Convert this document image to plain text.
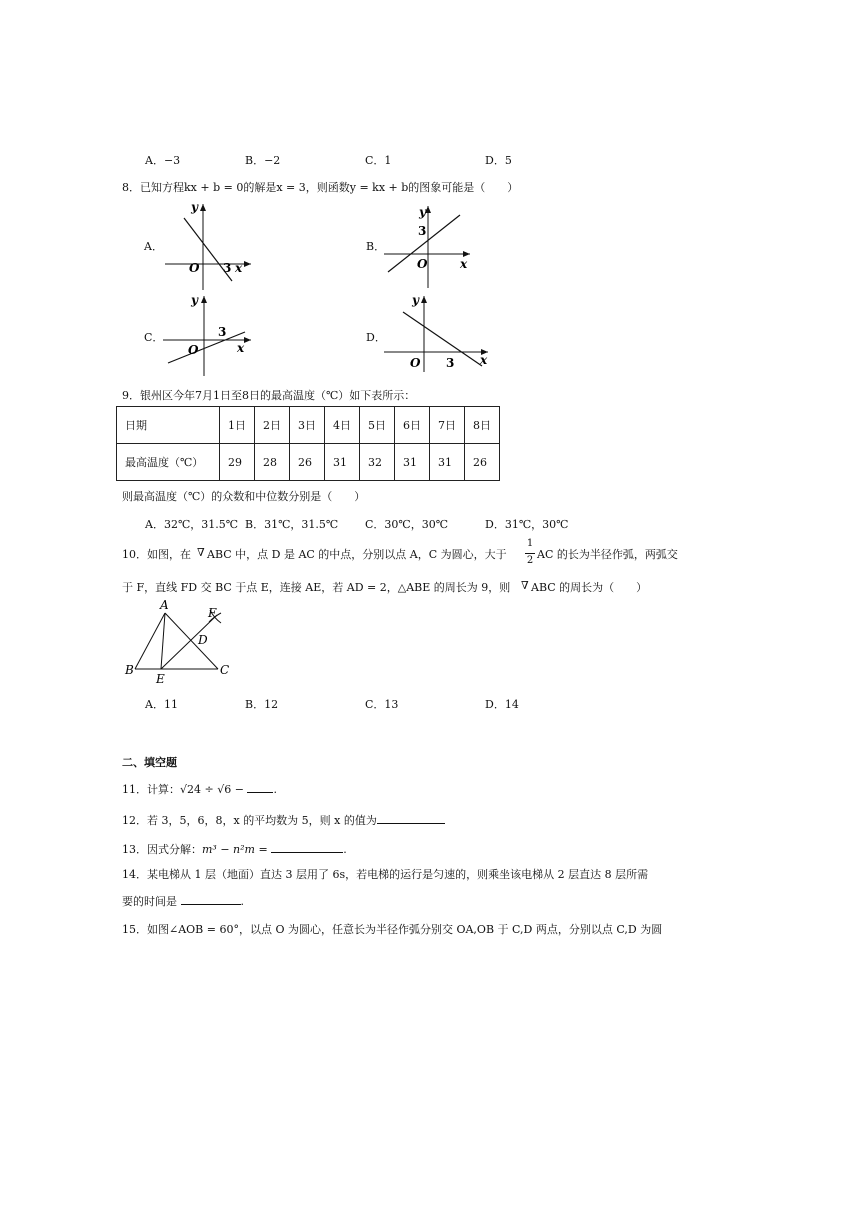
A．−3	B．−2	C．1	D．5
8．已知方程kx + b = 0的解是x = 3，则函数y = kx + b的图象可能是（　　）
A．
y
O 3 x
B．
y
3
O	x
C．
y
3
O	x
D．
y
O 3 x
9．银州区今年7月1日至8日的最高温度（℃）如下表所示：
日期	1日	2日	3日	4日	5日	6日	7日	8日
最高温度（℃）	29	28	26	31	32	31	31	26
则最高温度（℃）的众数和中位数分别是（　　）
A．32℃，31.5℃ B．31℃，31.5℃ C．30℃，30℃	D．31℃，30℃
10．如图，在 ∇ ABC 中，点 D 是 AC 的中点，分别以点 A，C 为圆心，大于
1
2 AC 的长为半径作弧，两弧交
于 F，直线 FD 交 BC 于点 E，连接 AE，若 AD = 2，△ABE 的周长为 9，则 ∇ ABC 的周长为（　　）
A
B	C
D
E
F
A．11	B．12	C．13	D．14
二、填空题
11．计算：√24 ÷ √6 −	.
12．若 3，5，6，8，x 的平均数为 5，则 x 的值为
13．因式分解：m³ − n²m =	.
14．某电梯从 1 层（地面）直达 3 层用了 6s，若电梯的运行是匀速的，则乘坐该电梯从 2 层直达 8 层所需
要的时间是	.
15．如图∠AOB = 60°，以点 O 为圆心，任意长为半径作弧分别交 OA,OB 于 C,D 两点，分别以点 C,D 为圆
